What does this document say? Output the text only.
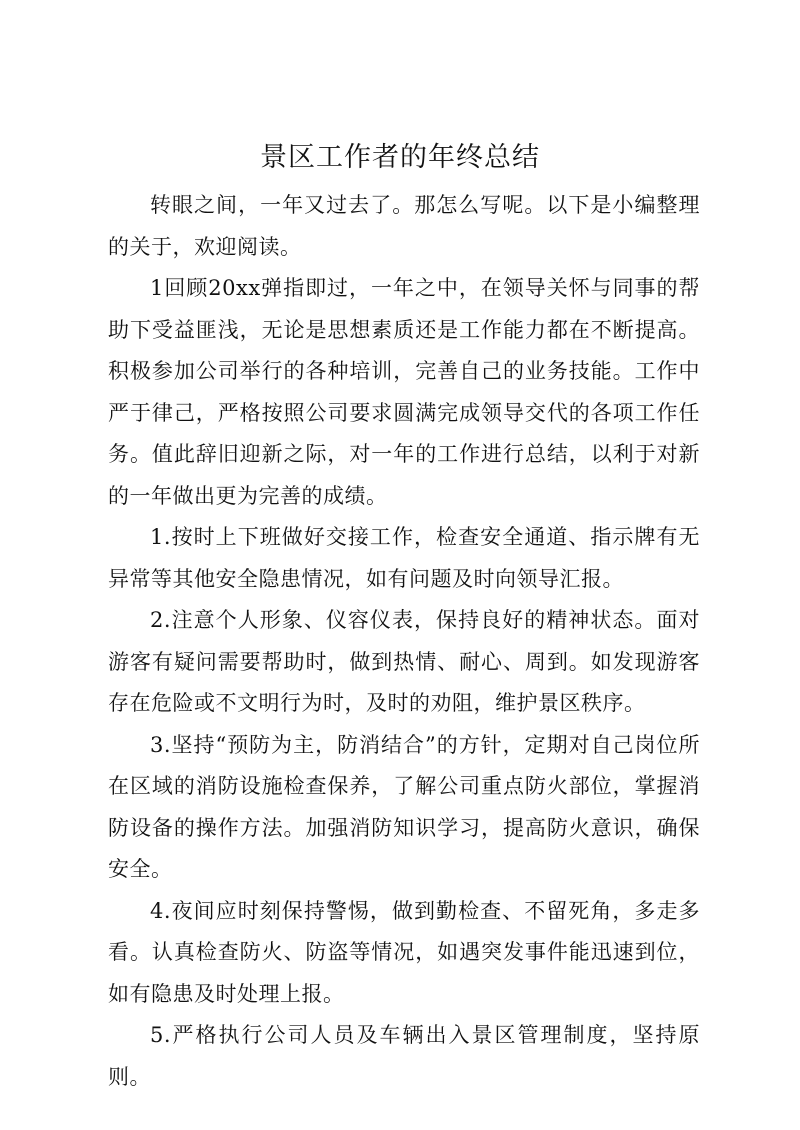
景区工作者的年终总结

转眼之间，一年又过去了。那怎么写呢。以下是小编整理的关于，欢迎阅读。

1回顾20xx弹指即过，一年之中，在领导关怀与同事的帮助下受益匪浅，无论是思想素质还是工作能力都在不断提高。积极参加公司举行的各种培训，完善自己的业务技能。工作中严于律己，严格按照公司要求圆满完成领导交代的各项工作任务。值此辞旧迎新之际，对一年的工作进行总结，以利于对新的一年做出更为完善的成绩。

1.按时上下班做好交接工作，检查安全通道、指示牌有无异常等其他安全隐患情况，如有问题及时向领导汇报。

2.注意个人形象、仪容仪表，保持良好的精神状态。面对游客有疑问需要帮助时，做到热情、耐心、周到。如发现游客存在危险或不文明行为时，及时的劝阻，维护景区秩序。

3.坚持“预防为主，防消结合”的方针，定期对自己岗位所在区域的消防设施检查保养，了解公司重点防火部位，掌握消防设备的操作方法。加强消防知识学习，提高防火意识，确保安全。

4.夜间应时刻保持警惕，做到勤检查、不留死角，多走多看。认真检查防火、防盗等情况，如遇突发事件能迅速到位，如有隐患及时处理上报。

5.严格执行公司人员及车辆出入景区管理制度，坚持原则。
